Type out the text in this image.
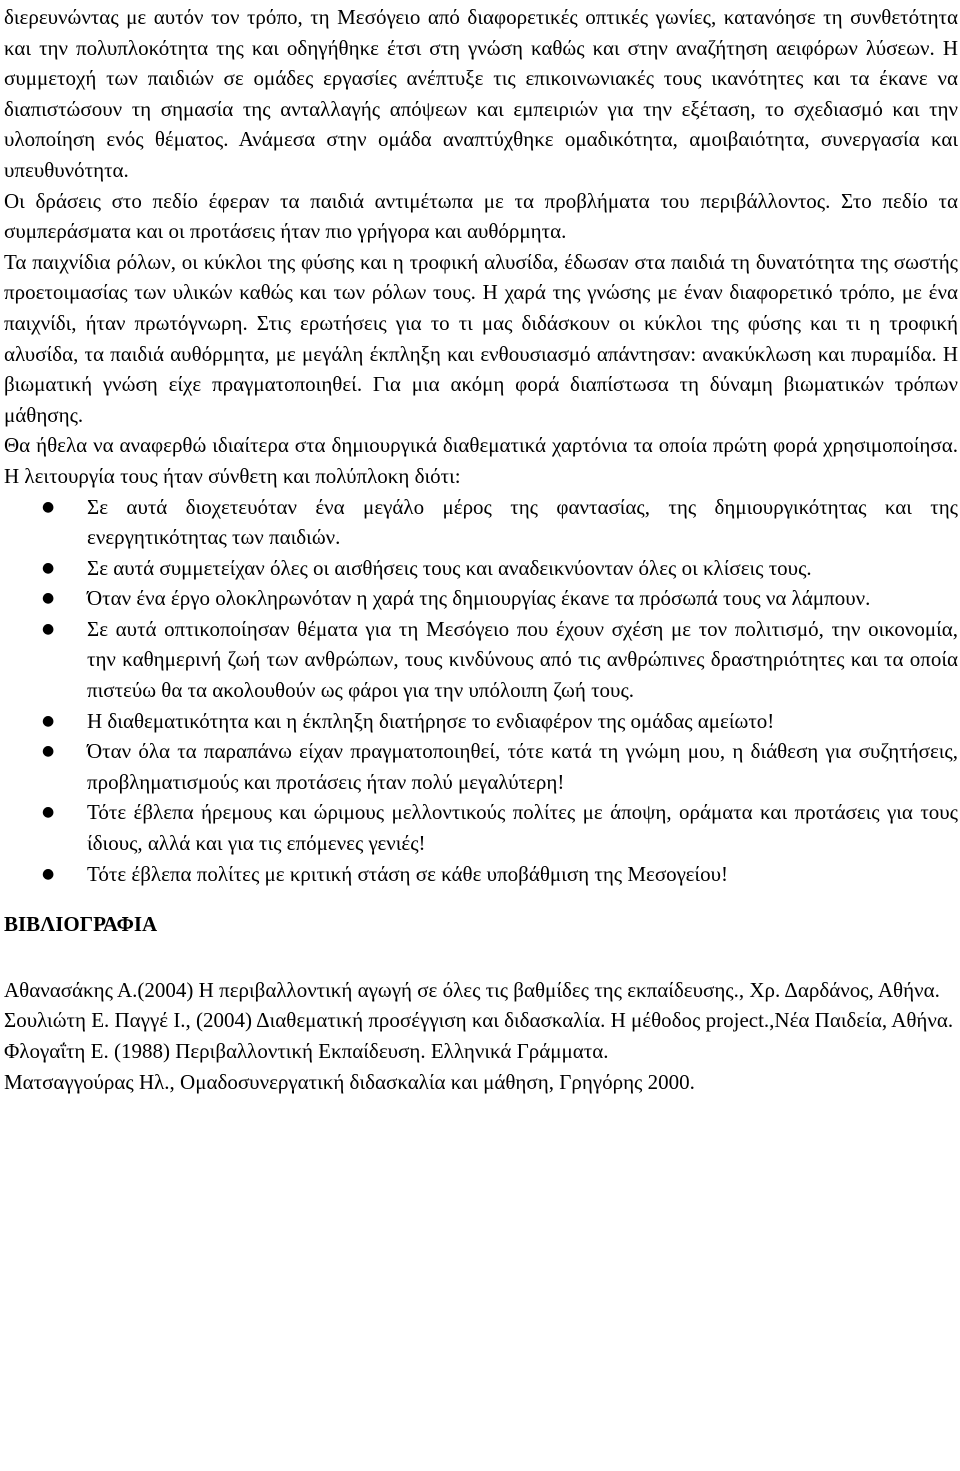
διερευνώντας με αυτόν τον τρόπο, τη Μεσόγειο από διαφορετικές οπτικές γωνίες, κατανόησε τη συνθετότητα και την πολυπλοκότητα της και οδηγήθηκε έτσι στη γνώση καθώς και στην αναζήτηση αειφόρων λύσεων. Η συμμετοχή των παιδιών σε ομάδες εργασίες ανέπτυξε τις επικοινωνιακές τους ικανότητες και τα έκανε να διαπιστώσουν τη σημασία της ανταλλαγής απόψεων και εμπειριών για την εξέταση, το σχεδιασμό και την υλοποίηση ενός θέματος. Ανάμεσα στην ομάδα αναπτύχθηκε ομαδικότητα, αμοιβαιότητα, συνεργασία και υπευθυνότητα.

Οι δράσεις στο πεδίο έφεραν τα παιδιά αντιμέτωπα με τα προβλήματα του περιβάλλοντος. Στο πεδίο τα συμπεράσματα και οι προτάσεις ήταν πιο γρήγορα και αυθόρμητα.

Τα παιχνίδια ρόλων, οι κύκλοι της φύσης και η τροφική αλυσίδα, έδωσαν στα παιδιά τη δυνατότητα της σωστής προετοιμασίας των υλικών καθώς και των ρόλων τους. Η χαρά της γνώσης με έναν διαφορετικό τρόπο, με ένα παιχνίδι, ήταν πρωτόγνωρη. Στις ερωτήσεις για το τι μας διδάσκουν οι κύκλοι της φύσης και τι η τροφική αλυσίδα, τα παιδιά αυθόρμητα, με μεγάλη έκπληξη και ενθουσιασμό απάντησαν: ανακύκλωση και πυραμίδα. Η βιωματική γνώση είχε πραγματοποιηθεί. Για μια ακόμη φορά διαπίστωσα τη δύναμη βιωματικών τρόπων μάθησης.

Θα ήθελα να αναφερθώ ιδιαίτερα στα δημιουργικά διαθεματικά χαρτόνια τα οποία πρώτη φορά χρησιμοποίησα. Η λειτουργία τους ήταν σύνθετη και πολύπλοκη διότι:

● Σε αυτά διοχετευόταν ένα μεγάλο μέρος της φαντασίας, της δημιουργικότητας και της ενεργητικότητας των παιδιών.
● Σε αυτά συμμετείχαν όλες οι αισθήσεις τους και αναδεικνύονταν όλες οι κλίσεις τους.
● Όταν ένα έργο ολοκληρωνόταν η χαρά της δημιουργίας έκανε τα πρόσωπά τους να λάμπουν.
● Σε αυτά οπτικοποίησαν θέματα για τη Μεσόγειο που έχουν σχέση με τον πολιτισμό, την οικονομία, την καθημερινή ζωή των ανθρώπων, τους κινδύνους από τις ανθρώπινες δραστηριότητες και τα οποία πιστεύω θα τα ακολουθούν ως φάροι για την υπόλοιπη ζωή τους.
● Η διαθεματικότητα και η έκπληξη διατήρησε το ενδιαφέρον της ομάδας αμείωτο!
● Όταν όλα τα παραπάνω είχαν πραγματοποιηθεί, τότε κατά τη γνώμη μου, η διάθεση για συζητήσεις, προβληματισμούς και προτάσεις ήταν πολύ μεγαλύτερη!
● Τότε έβλεπα ήρεμους και ώριμους μελλοντικούς πολίτες με άποψη, οράματα και προτάσεις για τους ίδιους, αλλά και για τις επόμενες γενιές!
● Τότε έβλεπα πολίτες με κριτική στάση σε κάθε υποβάθμιση της Μεσογείου!

ΒΙΒΛΙΟΓΡΑΦΙΑ

Αθανασάκης Α.(2004) Η περιβαλλοντική αγωγή σε όλες τις βαθμίδες της εκπαίδευσης., Χρ. Δαρδάνος, Αθήνα.

Σουλιώτη Ε. Παγγέ Ι., (2004) Διαθεματική προσέγγιση και διδασκαλία. Η μέθοδος project.,Νέα Παιδεία, Αθήνα.

Φλογαΐτη Ε. (1988) Περιβαλλοντική Εκπαίδευση. Ελληνικά Γράμματα.

Ματσαγγούρας Ηλ., Ομαδοσυνεργατική διδασκαλία και μάθηση, Γρηγόρης 2000.
